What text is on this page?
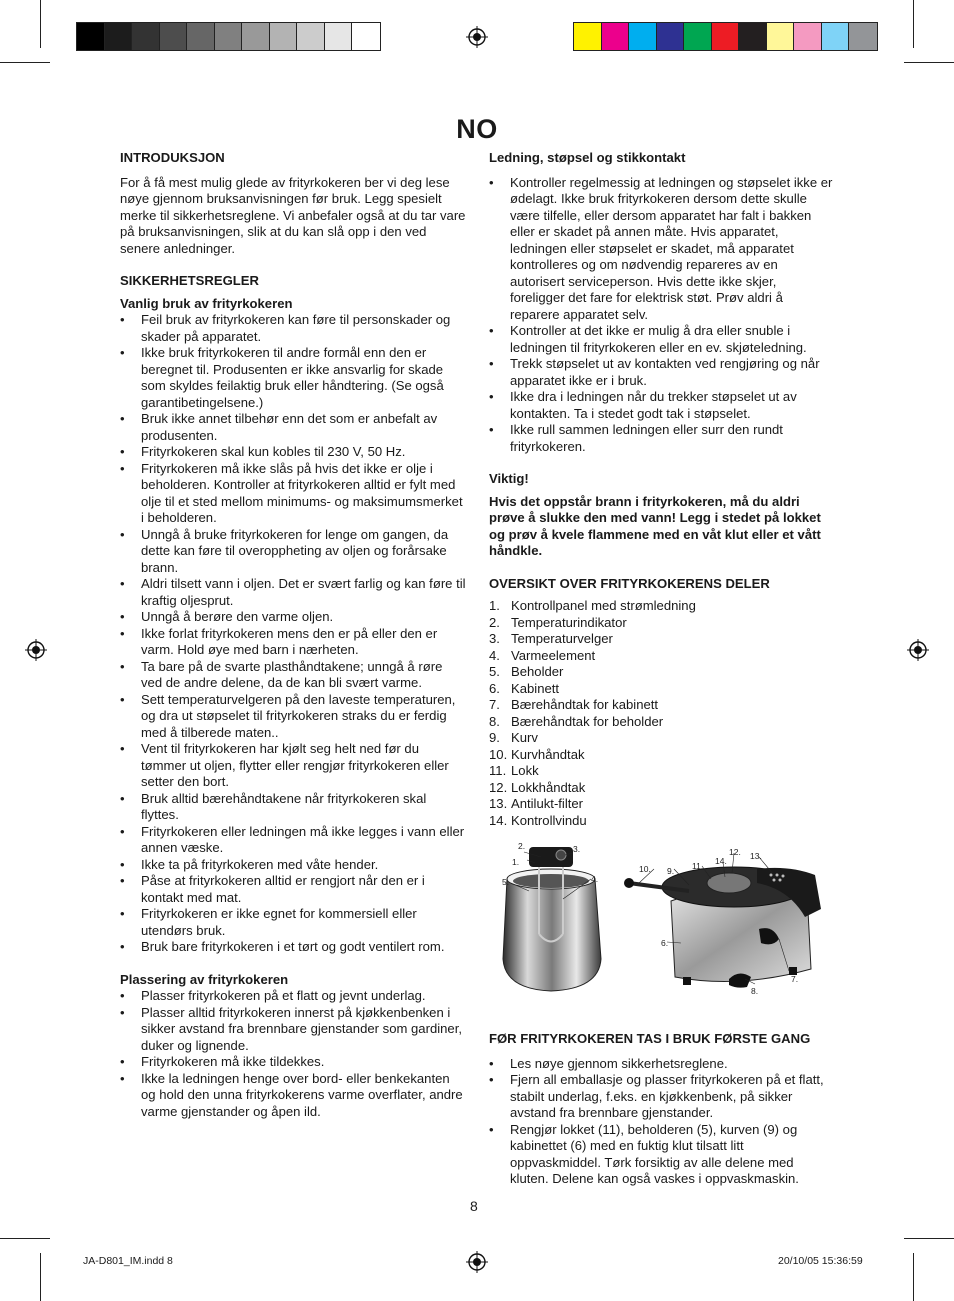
NO
INTRODUKSJON
For å få mest mulig glede av frityrkokeren ber vi deg lese nøye gjennom bruksanvisningen før bruk. Legg spesielt merke til sikkerhetsreglene. Vi anbefaler også at du tar vare på bruksanvisningen, slik at du kan slå opp i den ved senere anledninger.
SIKKERHETSREGLER
Vanlig bruk av frityrkokeren
• Feil bruk av frityrkokeren kan føre til personskader og skader på apparatet.
• Ikke bruk frityrkokeren til andre formål enn den er beregnet til. Produsenten er ikke ansvarlig for skade som skyldes feilaktig bruk eller håndtering. (Se også garantibetingelsene.)
• Bruk ikke annet tilbehør enn det som er anbefalt av produsenten.
• Frityrkokeren skal kun kobles til 230 V, 50 Hz.
• Frityrkokeren må ikke slås på hvis det ikke er olje i beholderen. Kontroller at frityrkokeren alltid er fylt med olje til et sted mellom minimums- og maksimumsmerket i beholderen.
• Unngå å bruke frityrkokeren for lenge om gangen, da dette kan føre til overoppheting av oljen og forårsake brann.
• Aldri tilsett vann i oljen. Det er svært farlig og kan føre til kraftig oljesprut.
• Unngå å berøre den varme oljen.
• Ikke forlat frityrkokeren mens den er på eller den er varm. Hold øye med barn i nærheten.
• Ta bare på de svarte plasthåndtakene; unngå å røre ved de andre delene, da de kan bli svært varme.
• Sett temperaturvelgeren på den laveste temperaturen, og dra ut støpselet til frityrkokeren straks du er ferdig med å tilberede maten..
• Vent til frityrkokeren har kjølt seg helt ned før du tømmer ut oljen, flytter eller rengjør frityrkokeren eller setter den bort.
• Bruk alltid bærehåndtakene når frityrkokeren skal flyttes.
• Frityrkokeren eller ledningen må ikke legges i vann eller annen væske.
• Ikke ta på frityrkokeren med våte hender.
• Påse at frityrkokeren alltid er rengjort når den er i kontakt med mat.
• Frityrkokeren er ikke egnet for kommersiell eller utendørs bruk.
• Bruk bare frityrkokeren i et tørt og godt ventilert rom.
Plassering av frityrkokeren
• Plasser frityrkokeren på et flatt og jevnt underlag.
• Plasser alltid frityrkokeren innerst på kjøkkenbenken i sikker avstand fra brennbare gjenstander som gardiner, duker og lignende.
• Frityrkokeren må ikke tildekkes.
• Ikke la ledningen henge over bord- eller benkekanten og hold den unna frityrkokerens varme overflater, andre varme gjenstander og åpen ild.
Ledning, støpsel og stikkontakt
• Kontroller regelmessig at ledningen og støpselet ikke er ødelagt. Ikke bruk frityrkokeren dersom dette skulle være tilfelle, eller dersom apparatet har falt i bakken eller er skadet på annen måte. Hvis apparatet, ledningen eller støpselet er skadet, må apparatet kontrolleres og om nødvendig repareres av en autorisert serviceperson. Hvis dette ikke skjer, foreligger det fare for elektrisk støt. Prøv aldri å reparere apparatet selv.
• Kontroller at det ikke er mulig å dra eller snuble i ledningen til frityrkokeren eller en ev. skjøteledning.
• Trekk støpselet ut av kontakten ved rengjøring og når apparatet ikke er i bruk.
• Ikke dra i ledningen når du trekker støpselet ut av kontakten. Ta i stedet godt tak i støpselet.
• Ikke rull sammen ledningen eller surr den rundt frityrkokeren.
Viktig!
Hvis det oppstår brann i frityrkokeren, må du aldri prøve å slukke den med vann! Legg i stedet på lokket og prøv å kvele flammene med en våt klut eller et vått håndkle.
OVERSIKT OVER FRITYRKOKERENS DELER
1. Kontrollpanel med strømledning
2. Temperaturindikator
3. Temperaturvelger
4. Varmeelement
5. Beholder
6. Kabinett
7. Bærehåndtak for kabinett
8. Bærehåndtak for beholder
9. Kurv
10. Kurvhåndtak
11. Lokk
12. Lokkhåndtak
13. Antilukt-filter
14. Kontrollvindu
2.
1.
3.
4.
5.
10. 9. 11. 14.
12. 13.
6.
7.
8.
FØR FRITYRKOKEREN TAS I BRUK FØRSTE GANG
• Les nøye gjennom sikkerhetsreglene.
• Fjern all emballasje og plasser frityrkokeren på et flatt, stabilt underlag, f.eks. en kjøkkenbenk, på sikker avstand fra brennbare gjenstander.
• Rengjør lokket (11), beholderen (5), kurven (9) og kabinettet (6) med en fuktig klut tilsatt litt oppvaskmiddel. Tørk forsiktig av alle delene med kluten. Delene kan også vaskes i oppvaskmaskin.
8
JA-D801_IM.indd 8	20/10/05 15:36:59
